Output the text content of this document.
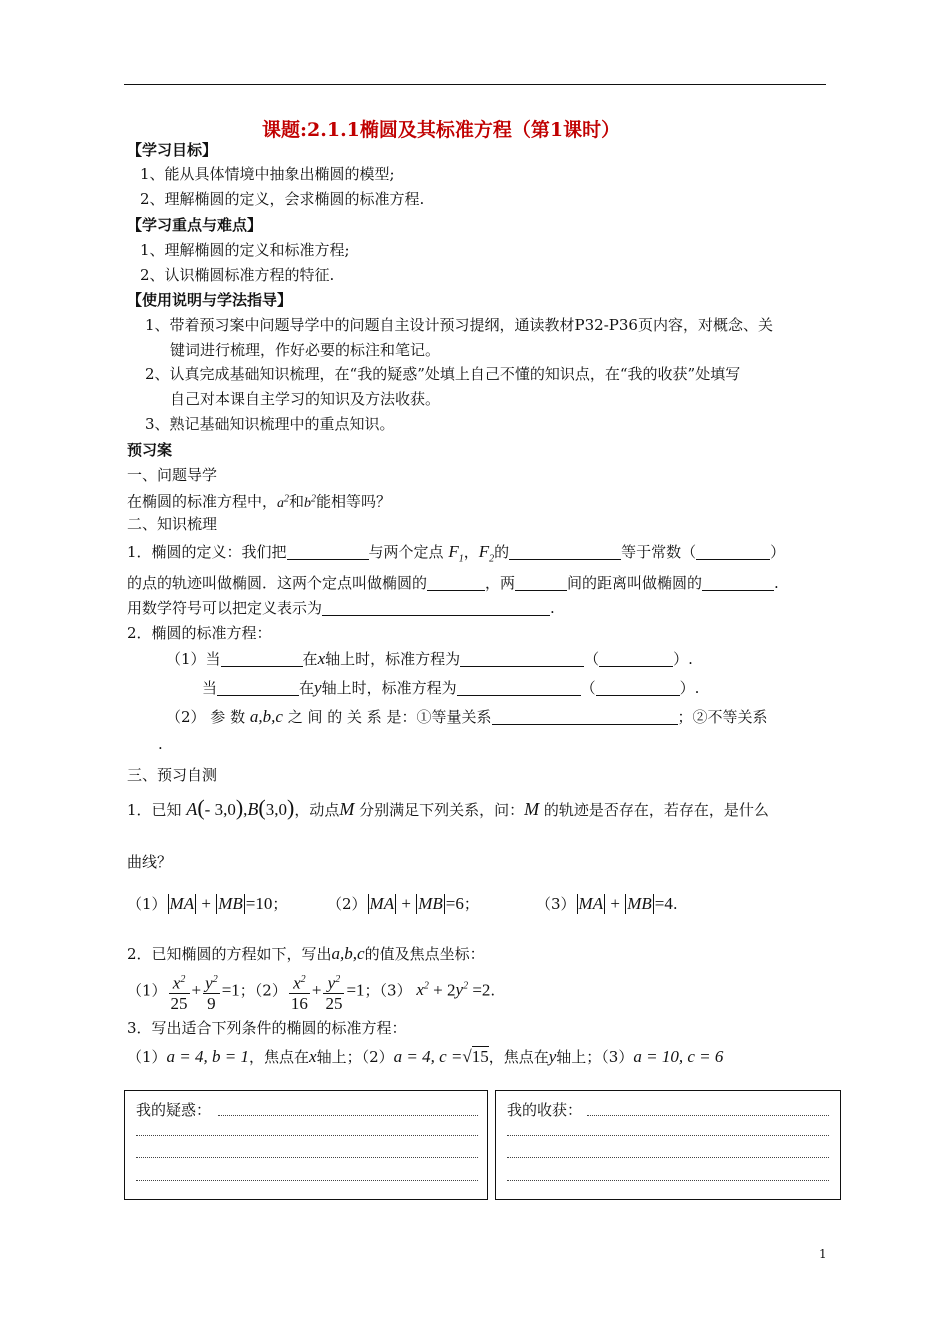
课题:2.1.1椭圆及其标准方程（第1课时）
【学习目标】
1、能从具体情境中抽象出椭圆的模型;
2、理解椭圆的定义，会求椭圆的标准方程.
【学习重点与难点】
1、理解椭圆的定义和标准方程;
2、认识椭圆标准方程的特征.
【使用说明与学法指导】
1、带着预习案中问题导学中的问题自主设计预习提纲，通读教材P32-P36页内容，对概念、关
键词进行梳理，作好必要的标注和笔记。
2、认真完成基础知识梳理，在“我的疑惑”处填上自己不懂的知识点，在“我的收获”处填写
自己对本课自主学习的知识及方法收获。
3、熟记基础知识梳理中的重点知识。
预习案
一、问题导学
在椭圆的标准方程中，$a^2$和$b^2$能相等吗？
二、知识梳理
1．椭圆的定义：我们把	与两个定点 $F_1$，$F_2$的	等于常数（	）
的点的轨迹叫做椭圆．这两个定点叫做椭圆的	，两	间的距离叫做椭圆的	.
用数学符号可以把定义表示为	.
2．椭圆的标准方程：
（1）当	在x轴上时，标准方程为	（	）.
当	在y轴上时，标准方程为	（	）.
（2） 参 数 a,b,c 之 间 的 关 系 是：①等量关系	；②不等关系
.
三、预习自测
1．已知 A(- 3,0),B(3,0)，动点M 分别满足下列关系，问：M 的轨迹是否存在，若存在，是什么
曲线？
（1） MA + MB =10；	（2） MA + MB =6；	（3） MA + MB =4.
2．已知椭圆的方程如下，写出a,b,c的值及焦点坐标：
$(1) \frac{x^2}{25} + \frac{y^2}{9} =1$；$(2) \frac{x^2}{16} + \frac{y^2}{25} =1$；（3） $x^2 + 2y^2 =2$.
3．写出适合下列条件的椭圆的标准方程：
（1）a = 4, b = 1，焦点在x轴上；（2）a = 4, c =√15，焦点在y轴上；（3）a = 10, c = 6
我的疑惑：	我的收获：
1
